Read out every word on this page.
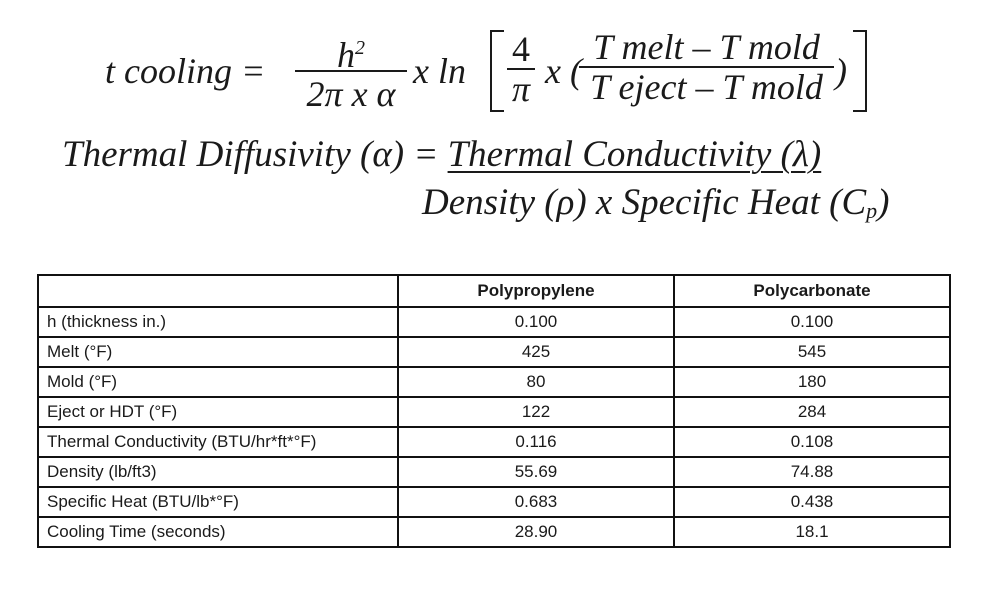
t cooling =	$h^2$
2π x α
x ln
4
π x (
T melt – T mold
T eject – T mold )
Thermal Diffusivity (α) = Thermal Conductivity (λ)
Density (ρ) x Specific Heat $(C_p)$
	Polypropylene	Polycarbonate
h (thickness in.)	0.100	0.100
Melt (°F)	425	545
Mold (°F)	80	180
Eject or HDT (°F)	122	284
Thermal Conductivity (BTU/hr*ft*°F)	0.116	0.108
Density (lb/ft3)	55.69	74.88
Specific Heat (BTU/lb*°F)	0.683	0.438
Cooling Time (seconds)	28.90	18.1
